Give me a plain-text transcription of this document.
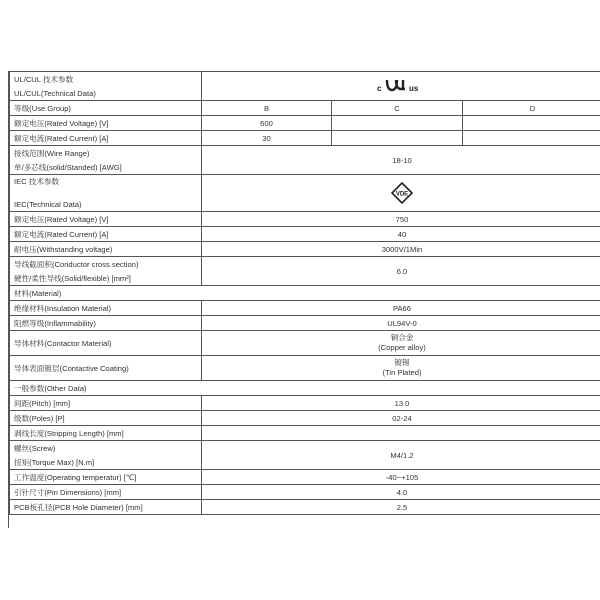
UL/CUL 技术参数
UL/CUL(Technical Data)	c us		

等级(Use Group)	B	C	D
额定电压(Rated Voltage) [V]	600		
额定电流(Rated Current) [A]	30		

接线范围(Wire Range)
单/多芯线(solid/Standed) [AWG]	18-10		

IEC 技术参数
IEC(Technical Data)	VDE		

额定电压(Rated Voltage) [V]	750		
额定电流(Rated Current) [A]	40		
耐电压(Withstanding voltage)	3000V/1Min		

导线截面积(Conductor cross section)
硬性/柔性导线(Solid/flexible) [mm²]	6.0		
材料(Material)			
绝缘材料(Insulation Material)	PA66		
阻燃等级(Inflammability)	UL94V-0		
导体材料(Contactor Material)	铜合金
(Copper alloy)		

导体表面镀层(Contactive Coating)	镀锡
(Tin Plated)		

一般参数(Other Data)			
间距(Pitch) [mm]	13.0		
级数(Poles) [P]	02-24		
剥线长度(Stripping Length) [mm]			

螺丝(Screw)
扭矩(Torque Max) [N.m]	M4/1.2		
工作温度(Operating temperatur) [℃]	-40~+105		
引针尺寸(Pin Dimensions) [mm]	4.0		
PCB板孔径(PCB Hole Diameter) [mm]	2.5		
